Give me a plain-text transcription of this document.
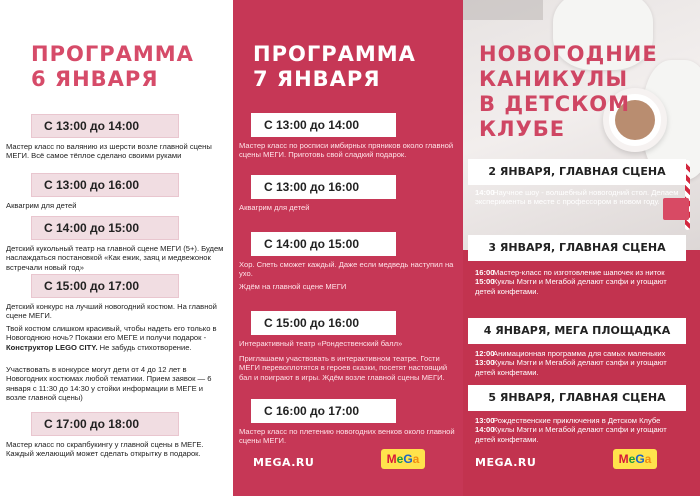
ПРОГРАММА
6 ЯНВАРЯ
С 13:00 до 14:00
Мастер класс по валянию из шерсти возле главной сцены МЕГИ. Всё самое тёплое сделано своими руками
С 13:00 до 16:00
Аквагрим для детей
С 14:00 до 15:00
Детский кукольный театр на главной сцене МЕГИ (5+). Будем наслаждаться постановкой «Как ежик, заяц и медвежонок встречали новый год»
С 15:00 до 17:00
Детский конкурс на лучший новогодний костюм. На главной сцене МЕГИ.
Твой костюм слишком красивый, чтобы надеть его только в Новогоднюю ночь? Покажи его МЕГЕ и получи подарок - Конструктор LEGO CITY. Не забудь стихотворение.
Участвовать в конкурсе могут дети от 4 до 12 лет в Новогодних костюмах любой тематики. Прием заявок — 6 января с 11:30 до 14:30 у стойки информации в МЕГЕ и возле главной сцены)
С 17:00 до 18:00
Мастер класс по скрапбукингу у главной сцены в МЕГЕ. Каждый желающий может сделать открытку в подарок.
ПРОГРАММА
7 ЯНВАРЯ
С 13:00 до 14:00
Мастер класс по росписи имбирных пряников около главной сцены МЕГИ. Приготовь свой сладкий подарок.
С 13:00 до 16:00
Аквагрим для детей
С 14:00 до 15:00
Хор. Спеть сможет каждый. Даже если медведь наступил на ухо.
Ждём на главной сцене МЕГИ
С 15:00 до 16:00
Интерактивный театр «Рондественский балл»
Приглашаем участвовать в интерактивном театре. Гости МЕГИ перевоплотятся в героев сказки, посетят настоящий бал и поиграют в игры. Ждём возле главной сцены МЕГИ.
С 16:00 до 17:00
Мастер класс по плетению новогодних венков около главной сцены МЕГИ.
MEGA.RU	MeGa
НОВОГОДНИЕ
КАНИКУЛЫ
В ДЕТСКОМ КЛУБЕ
2 ЯНВАРЯ, ГЛАВНАЯ СЦЕНА
14:00Научное шоу - волшебный новогодний стол. Делаем эксперименты в месте с профессором в новом году.
3 ЯНВАРЯ, ГЛАВНАЯ СЦЕНА
16:00Мастер-класс по изготовление шапочек из ниток
15:00Куклы Мэгги и Мегабой делают сэлфи и угощают детей конфетами.
4 ЯНВАРЯ, МЕГА ПЛОЩАДКА
12:00Анимационная программа для самых маленьких
13:00Куклы Мэгги и Мегабой делают сэлфи и угощают детей конфетами.
5 ЯНВАРЯ, ГЛАВНАЯ СЦЕНА
13:00Рождественские приключения в Детском Клубе
14:00Куклы Мэгги и Мегабой делают сэлфи и угощают детей конфетами.
MEGA.RU	MeGa
